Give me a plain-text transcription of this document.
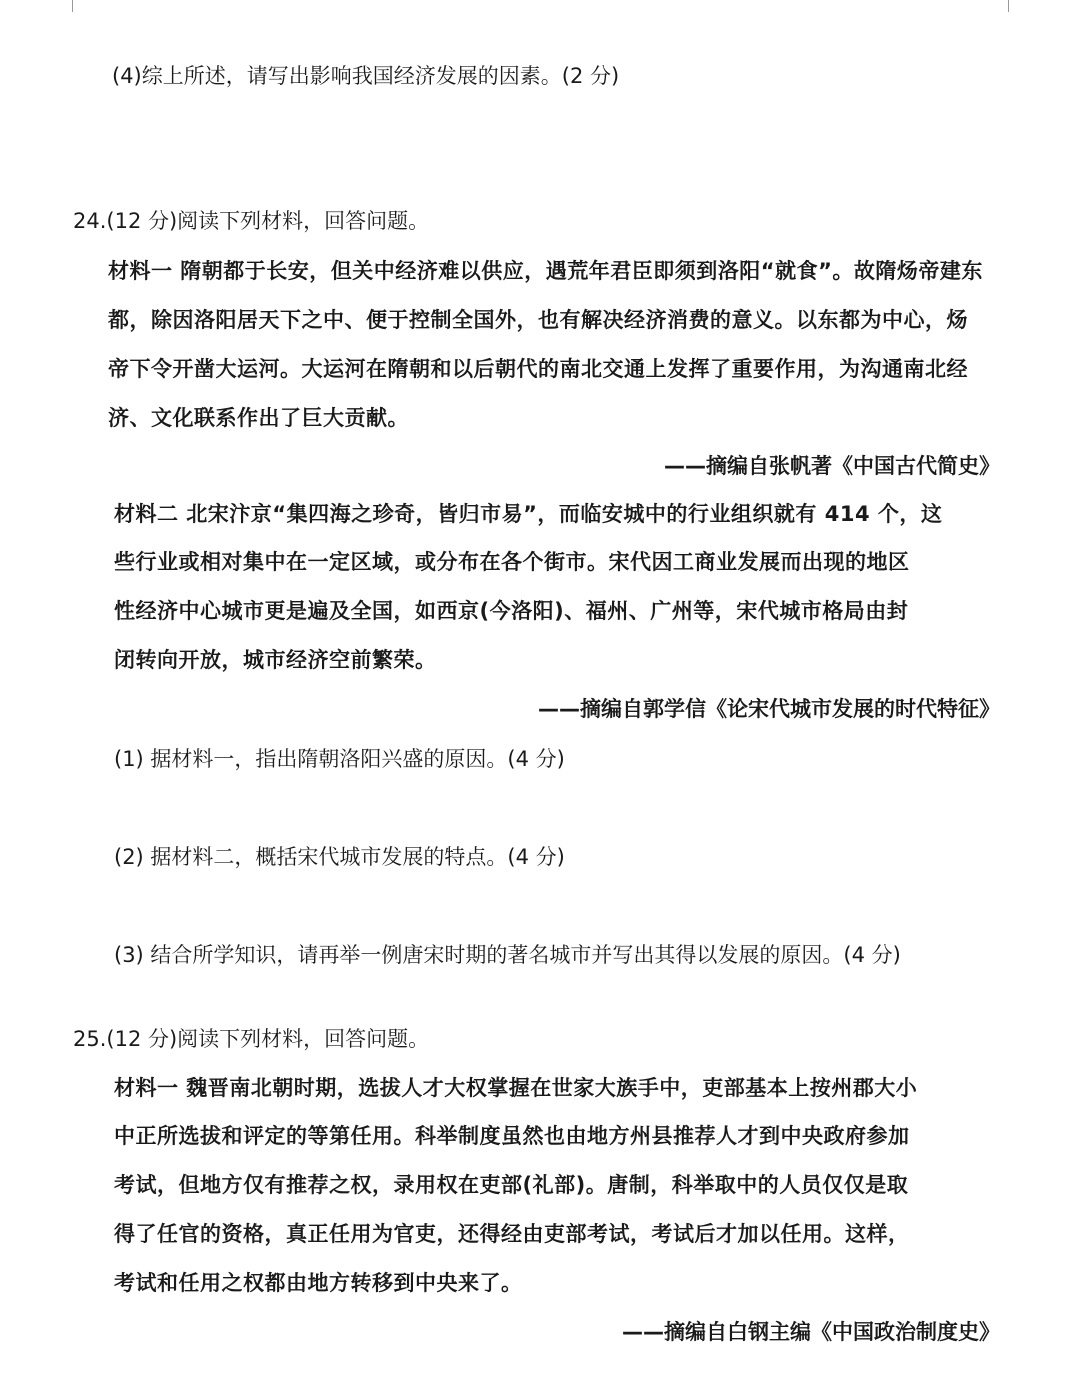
(4)综上所述，请写出影响我国经济发展的因素。(2 分)
24.(12 分)阅读下列材料，回答问题。
材料一 隋朝都于长安，但关中经济难以供应，遇荒年君臣即须到洛阳“就食”。故隋炀帝建东
都，除因洛阳居天下之中、便于控制全国外，也有解决经济消费的意义。以东都为中心，炀
帝下令开凿大运河。大运河在隋朝和以后朝代的南北交通上发挥了重要作用，为沟通南北经
济、文化联系作出了巨大贡献。
——摘编自张帆著《中国古代简史》
材料二 北宋汴京“集四海之珍奇，皆归市易”，而临安城中的行业组织就有 414 个，这
些行业或相对集中在一定区域，或分布在各个街市。宋代因工商业发展而出现的地区
性经济中心城市更是遍及全国，如西京(今洛阳)、福州、广州等，宋代城市格局由封
闭转向开放，城市经济空前繁荣。
——摘编自郭学信《论宋代城市发展的时代特征》
(1) 据材料一，指出隋朝洛阳兴盛的原因。(4 分)
(2) 据材料二，概括宋代城市发展的特点。(4 分)
(3) 结合所学知识，请再举一例唐宋时期的著名城市并写出其得以发展的原因。(4 分)
25.(12 分)阅读下列材料，回答问题。
材料一 魏晋南北朝时期，选拔人才大权掌握在世家大族手中，吏部基本上按州郡大小
中正所选拔和评定的等第任用。科举制度虽然也由地方州县推荐人才到中央政府参加
考试，但地方仅有推荐之权，录用权在吏部(礼部)。唐制，科举取中的人员仅仅是取
得了任官的资格，真正任用为官吏，还得经由吏部考试，考试后才加以任用。这样，
考试和任用之权都由地方转移到中央来了。
——摘编自白钢主编《中国政治制度史》
